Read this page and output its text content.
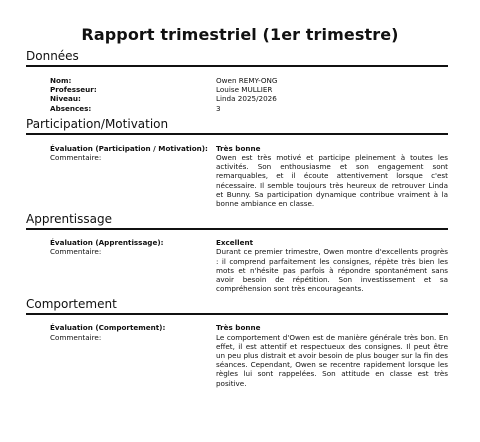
Rapport trimestriel (1er trimestre)
Données
Nom:	Owen REMY-ONG
Professeur:	Louise MULLIER
Niveau:	Linda 2025/2026
Absences:	3
Participation/Motivation
Évaluation (Participation / Motivation):	Très bonne
Commentaire:	Owen est très motivé et participe pleinement à toutes les activités. Son enthousiasme et son engagement sont remarquables, et il écoute attentivement lorsque c'est nécessaire. Il semble toujours très heureux de retrouver Linda et Bunny. Sa participation dynamique contribue vraiment à la bonne ambiance en classe.
Apprentissage
Évaluation (Apprentissage):	Excellent
Commentaire:	Durant ce premier trimestre, Owen montre d'excellents progrès : il comprend parfaitement les consignes, répète très bien les mots et n'hésite pas parfois à répondre spontanément sans avoir besoin de répétition. Son investissement et sa compréhension sont très encourageants.
Comportement
Évaluation (Comportement):	Très bonne
Commentaire:	Le comportement d'Owen est de manière générale très bon. En effet, il est attentif et respectueux des consignes. Il peut être un peu plus distrait et avoir besoin de plus bouger sur la fin des séances. Cependant, Owen se recentre rapidement lorsque les règles lui sont rappelées. Son attitude en classe est très positive.
